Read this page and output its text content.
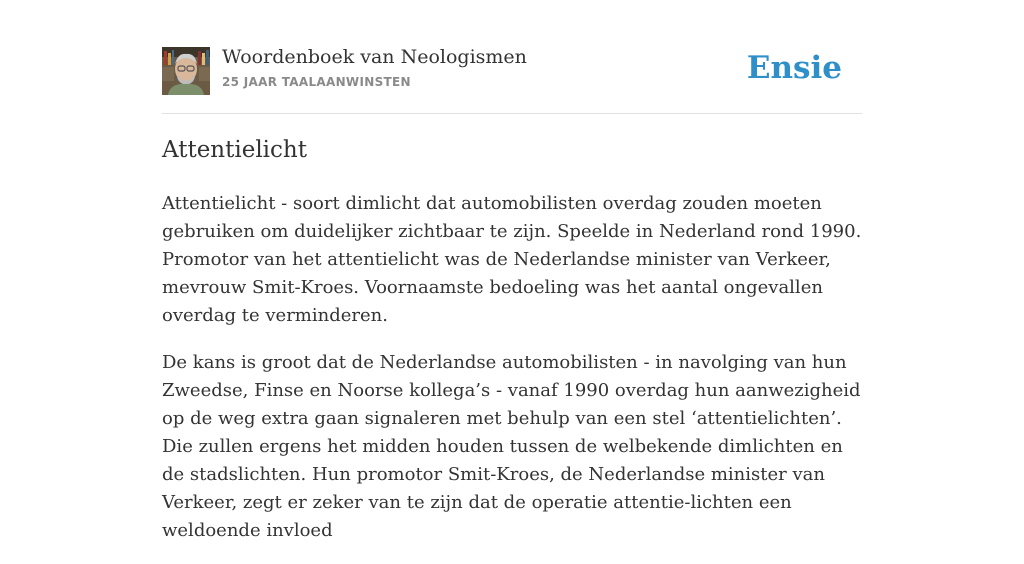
Woordenboek van Neologismen
25 JAAR TAALAANWINSTEN	Ensie
Attentielicht

Attentielicht - soort dimlicht dat automobilisten overdag zouden moeten gebruiken om duidelijker zichtbaar te zijn. Speelde in Nederland rond 1990. Promotor van het attentielicht was de Nederlandse minister van Verkeer, mevrouw Smit-Kroes. Voornaamste bedoeling was het aantal ongevallen overdag te verminderen.

De kans is groot dat de Nederlandse automobilisten - in navolging van hun Zweedse, Finse en Noorse kollega’s - vanaf 1990 overdag hun aanwezigheid op de weg extra gaan signaleren met behulp van een stel ‘attentielichten’. Die zullen ergens het midden houden tussen de welbekende dimlichten en de stadslichten. Hun promotor Smit-Kroes, de Nederlandse minister van Verkeer, zegt er zeker van te zijn dat de operatie attentie-lichten een weldoende invloed
